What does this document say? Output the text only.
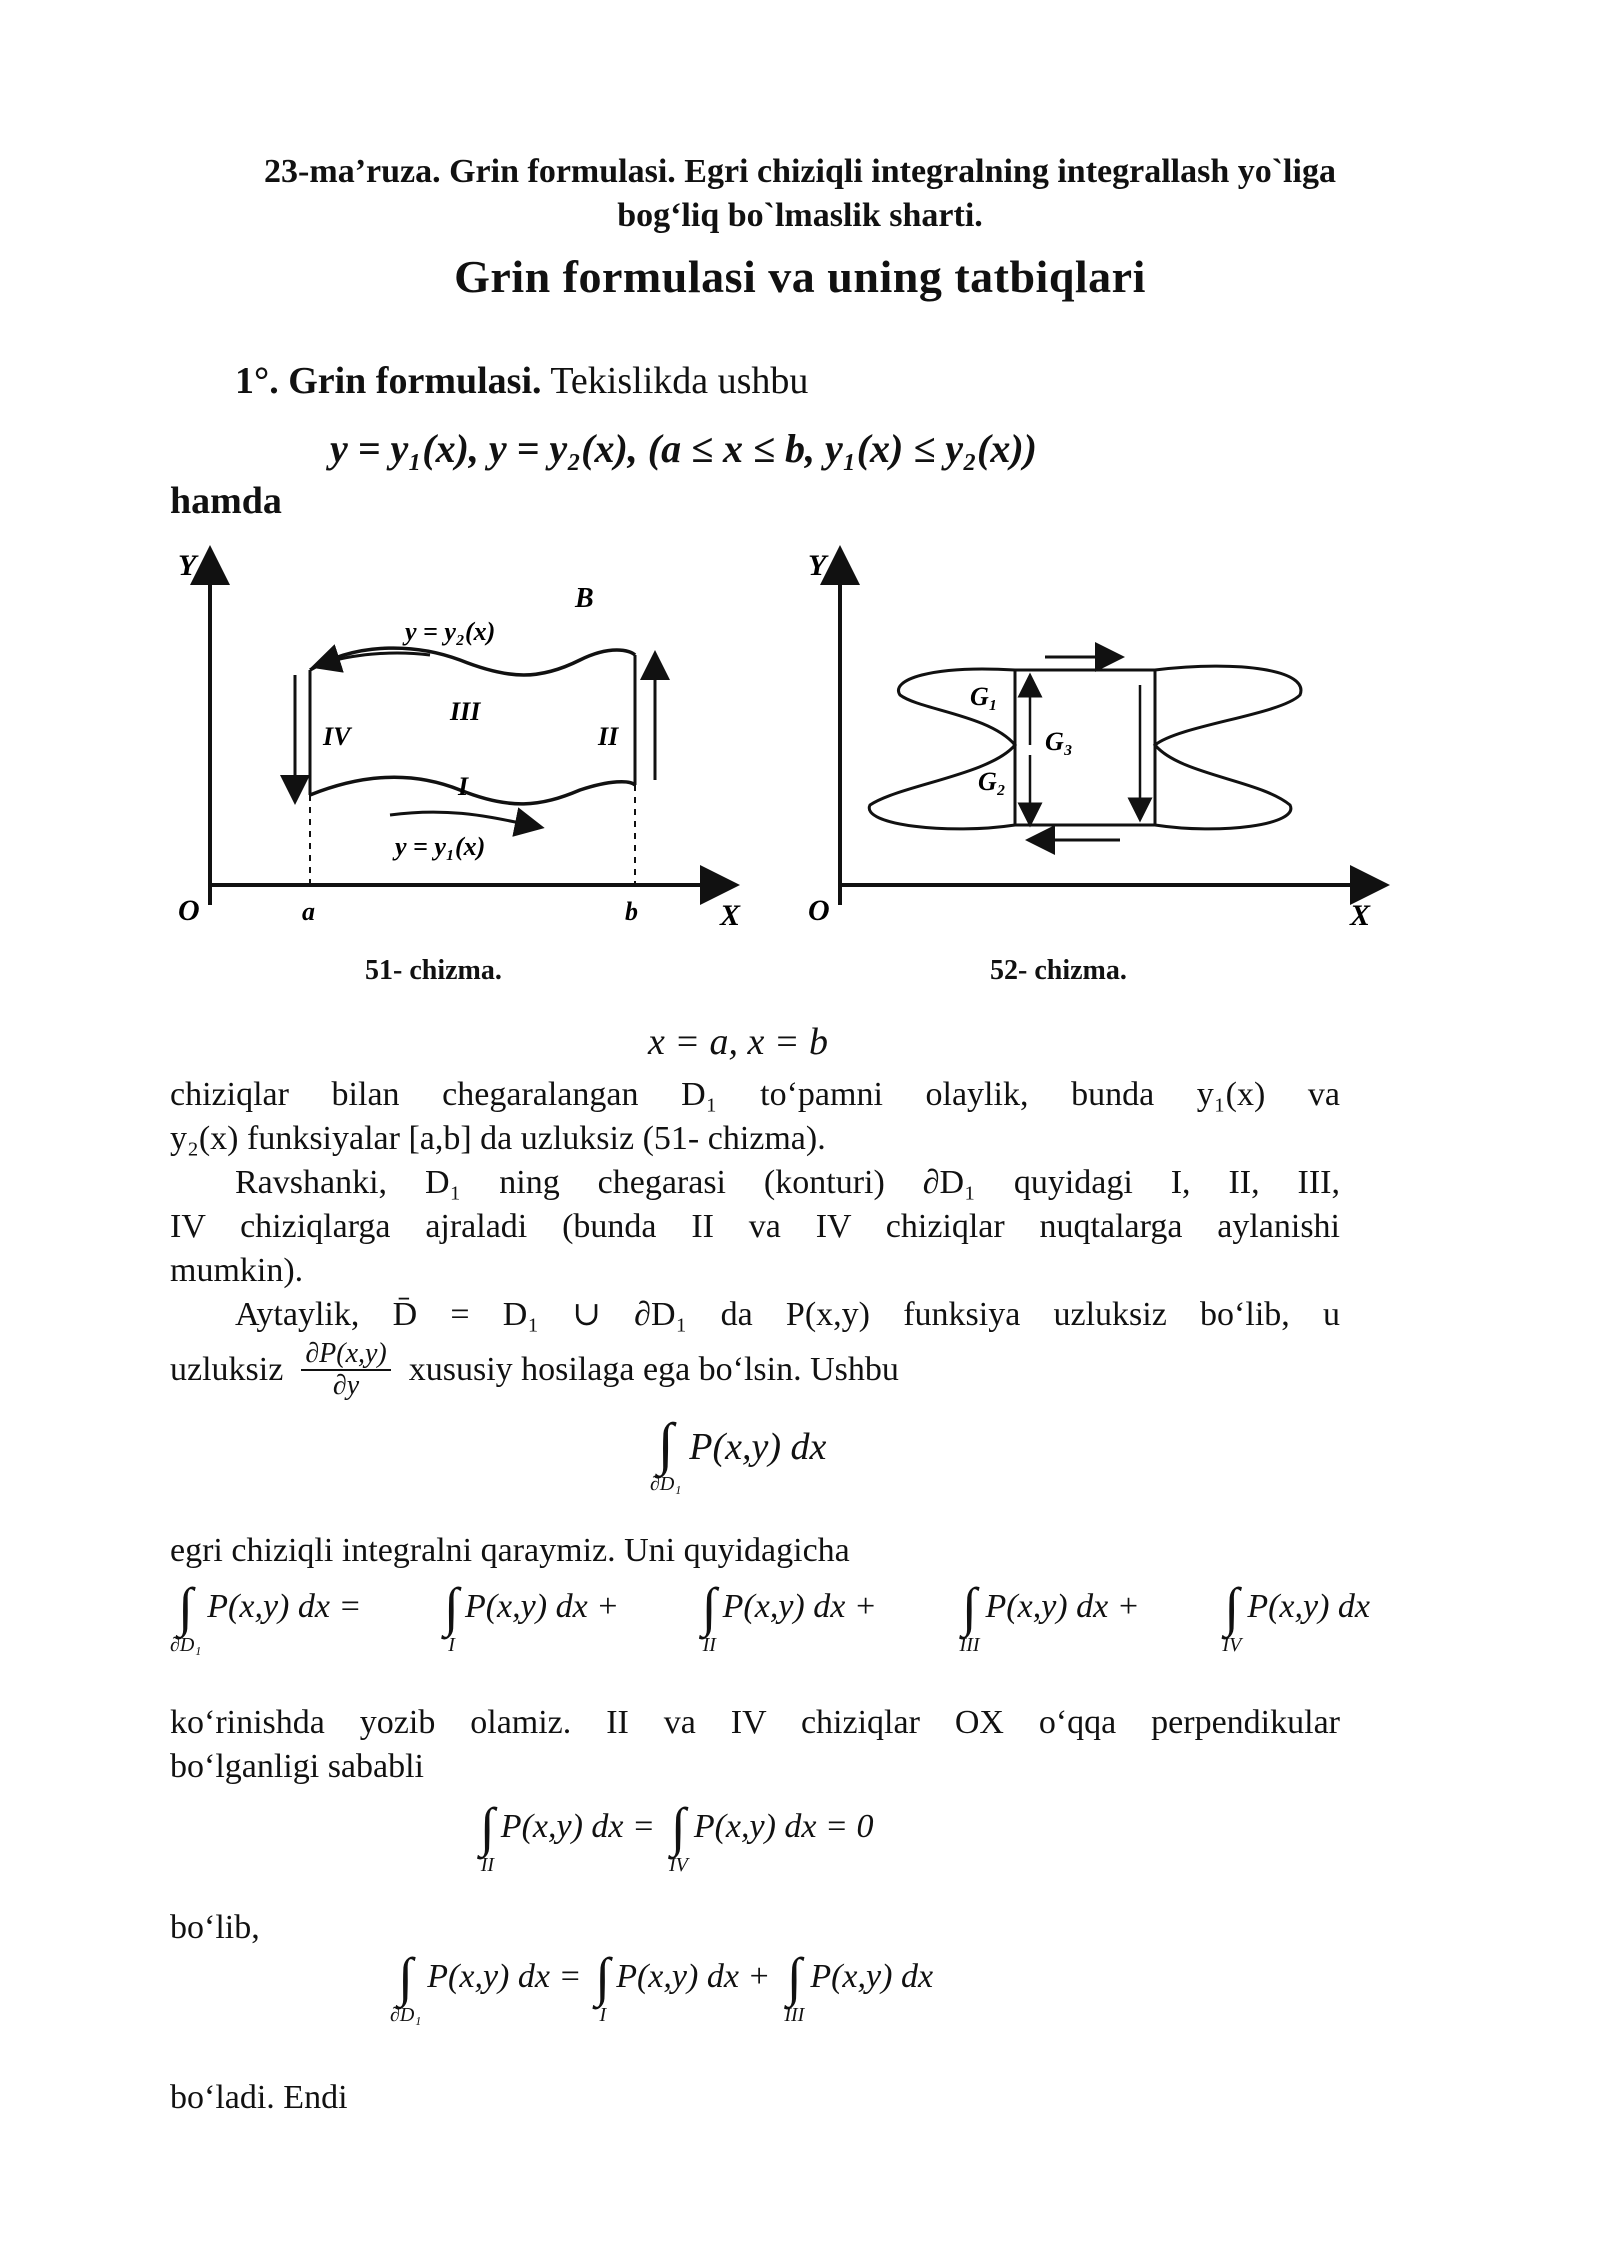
23-ma’ruza. Grin formulasi. Egri chiziqli integralning integrallash yo`liga
bog‘liq bo`lmaslik sharti.
Grin formulasi va uning tatbiqlari
1°. Grin formulasi. Tekislikda ushbu
y = y₁(x), y = y₂(x), (a ≤ x ≤ b, y₁(x) ≤ y₂(x))
hamda
Y
X
O	a	b
B
y = y₂(x)
y = y₁(x)
III
I
IV	II
51- chizma.
Y
X
O
G₁
G₃
G₂
52- chizma.
x = a, x = b
chiziqlar bilan chegaralangan D₁ to‘pamni olaylik, bunda y₁(x) va
y₂(x) funksiyalar [a,b] da uzluksiz (51- chizma).
Ravshanki, D₁ ning chegarasi (konturi) ∂D₁ quyidagi I, II, III,
IV chiziqlarga ajraladi (bunda II va IV chiziqlar nuqtalarga aylanishi
mumkin).
Aytaylik, D̄ = D₁ ∪ ∂D₁ da P(x,y) funksiya uzluksiz bo‘lib, u
uzluksiz $\frac{\partial P(x,y)}{\partial y}$ xususiy hosilaga ega bo‘lsin. Ushbu
∫
∂D₁
P(x,y) dx
egri chiziqli integralni qaraymiz. Uni quyidagicha
∫
∂D₁
P(x,y) dx = ∫
I
P(x,y) dx + ∫
II
P(x,y) dx + ∫
III
P(x,y) dx + ∫
IV
P(x,y) dx
ko‘rinishda yozib olamiz. II va IV chiziqlar OX o‘qqa perpendikular
bo‘lganligi sababli
∫
II
P(x,y) dx = ∫
IV
P(x,y) dx = 0
bo‘lib,
∫
∂D₁
P(x,y) dx = ∫
I
P(x,y) dx + ∫
III
P(x,y) dx
bo‘ladi. Endi
